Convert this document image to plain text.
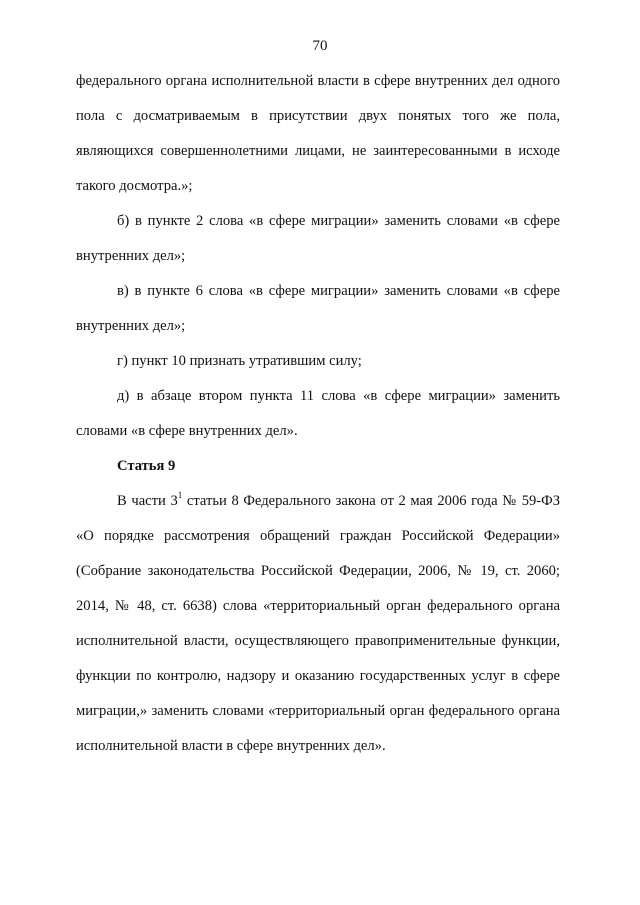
70

федерального органа исполнительной власти в сфере внутренних дел одного пола с досматриваемым в присутствии двух понятых того же пола, являющихся совершеннолетними лицами, не заинтересованными в исходе такого досмотра.»;

б) в пункте 2 слова «в сфере миграции» заменить словами «в сфере внутренних дел»;

в) в пункте 6 слова «в сфере миграции» заменить словами «в сфере внутренних дел»;

г) пункт 10 признать утратившим силу;

д) в абзаце втором пункта 11 слова «в сфере миграции» заменить словами «в сфере внутренних дел».

Статья 9

В части $3^1$ статьи 8 Федерального закона от 2 мая 2006 года № 59-ФЗ «О порядке рассмотрения обращений граждан Российской Федерации» (Собрание законодательства Российской Федерации, 2006, № 19, ст. 2060; 2014, № 48, ст. 6638) слова «территориальный орган федерального органа исполнительной власти, осуществляющего правоприменительные функции, функции по контролю, надзору и оказанию государственных услуг в сфере миграции,» заменить словами «территориальный орган федерального органа исполнительной власти в сфере внутренних дел».
